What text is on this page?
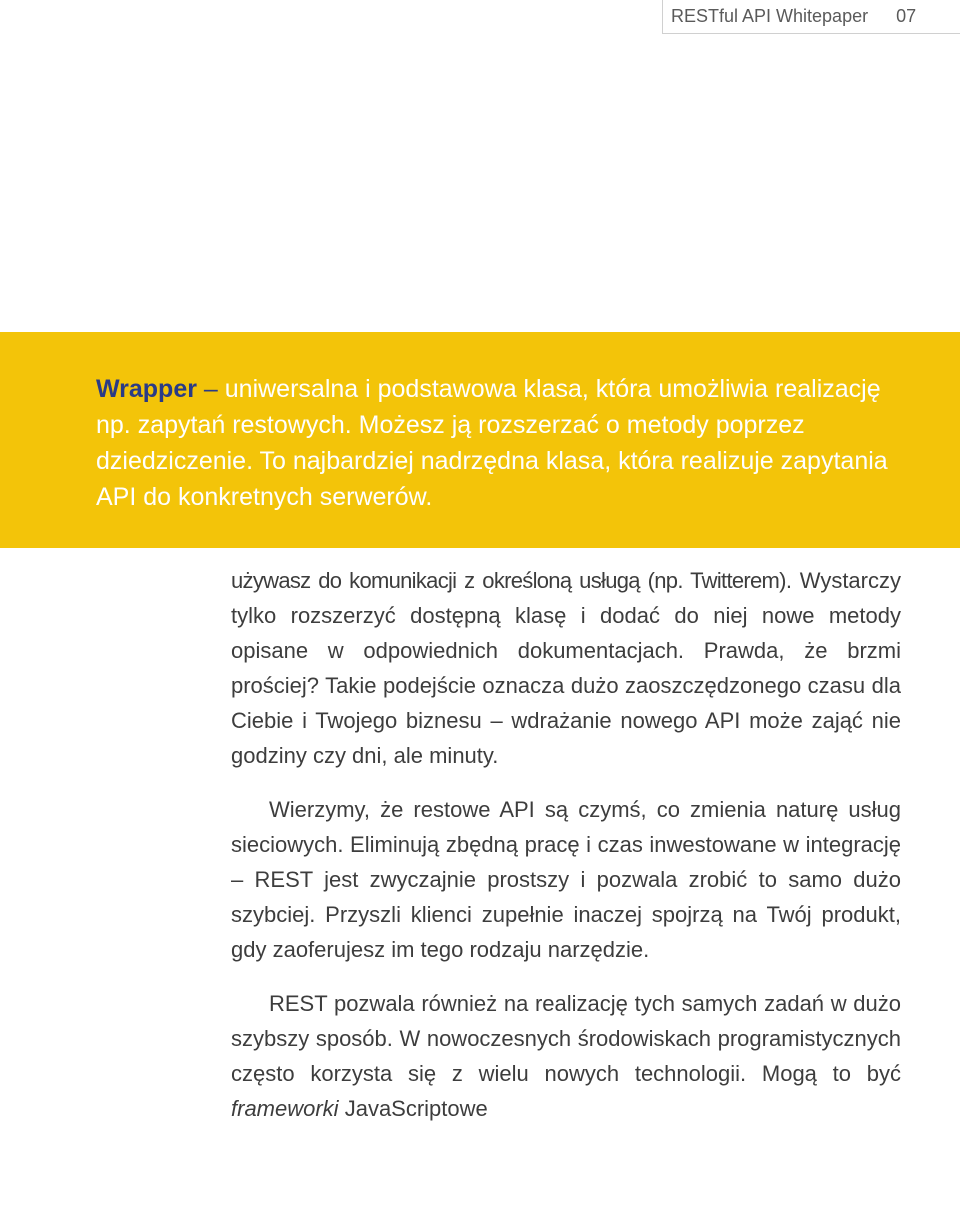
RESTful API Whitepaper 07

Wrapper – uniwersalna i podstawowa klasa, która umożliwia realizację np. zapytań restowych. Możesz ją rozszerzać o metody poprzez dziedziczenie. To najbardziej nadrzędna klasa, która realizuje zapytania API do konkretnych serwerów.

używasz do komunikacji z określoną usługą (np. Twitterem). Wystarczy tylko rozszerzyć dostępną klasę i dodać do niej nowe metody opisane w odpowiednich dokumentacjach. Prawda, że brzmi prościej? Takie podejście oznacza dużo zaoszczędzonego czasu dla Ciebie i Twojego biznesu – wdrażanie nowego API może zająć nie godziny czy dni, ale minuty.

Wierzymy, że restowe API są czymś, co zmienia naturę usług sieciowych. Eliminują zbędną pracę i czas inwestowane w integrację – REST jest zwyczajnie prostszy i pozwala zrobić to samo dużo szybciej. Przyszli klienci zupełnie inaczej spojrzą na Twój produkt, gdy zaoferujesz im tego rodzaju narzędzie.

REST pozwala również na realizację tych samych zadań w dużo szybszy sposób. W nowoczesnych środowiskach programistycznych często korzysta się z wielu nowych technologii. Mogą to być frameworki JavaScriptowe
